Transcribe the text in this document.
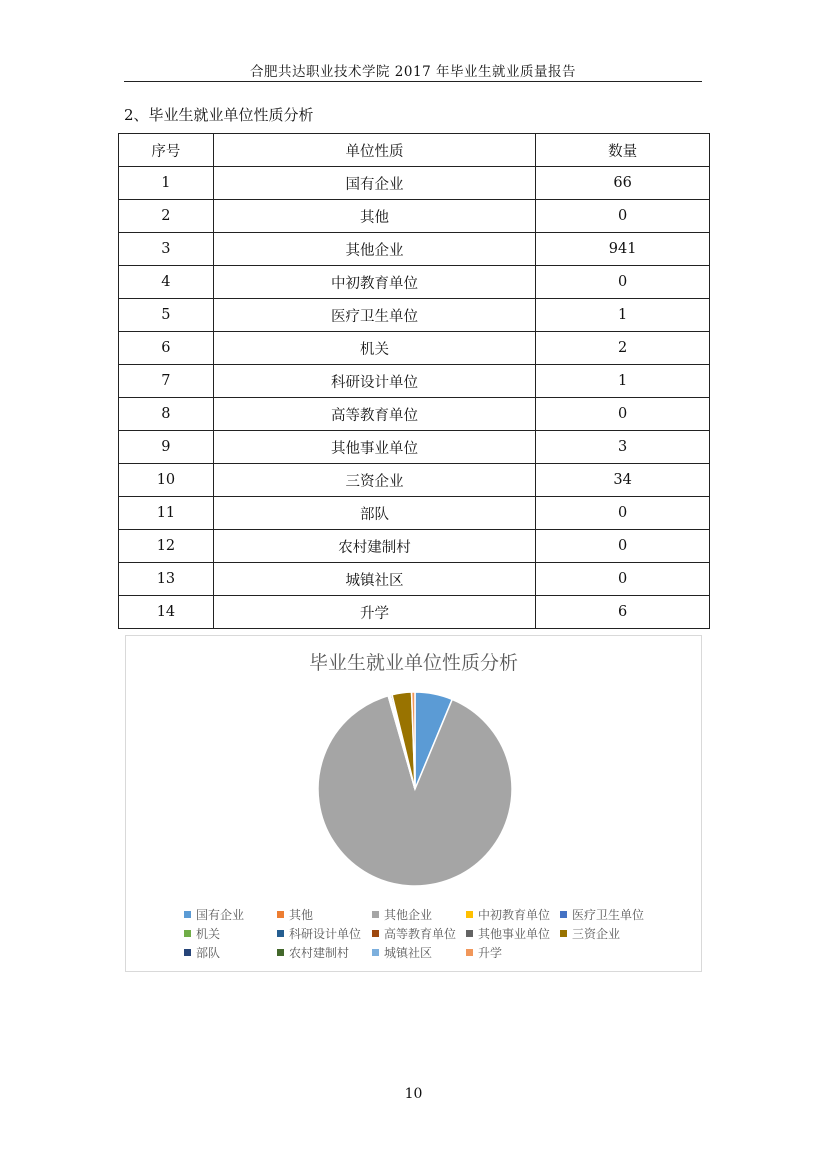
合肥共达职业技术学院 2017 年毕业生就业质量报告
2、毕业生就业单位性质分析
序号	单位性质	数量
1	国有企业	66
2	其他	0
3	其他企业	941
4	中初教育单位	0
5	医疗卫生单位	1
6	机关	2
7	科研设计单位	1
8	高等教育单位	0
9	其他事业单位	3
10	三资企业	34
11	部队	0
12	农村建制村	0
13	城镇社区	0
14	升学	6
毕业生就业单位性质分析
国有企业	其他	其他企业	中初教育单位	医疗卫生单位
机关	科研设计单位	高等教育单位	其他事业单位	三资企业
部队	农村建制村	城镇社区	升学
10
